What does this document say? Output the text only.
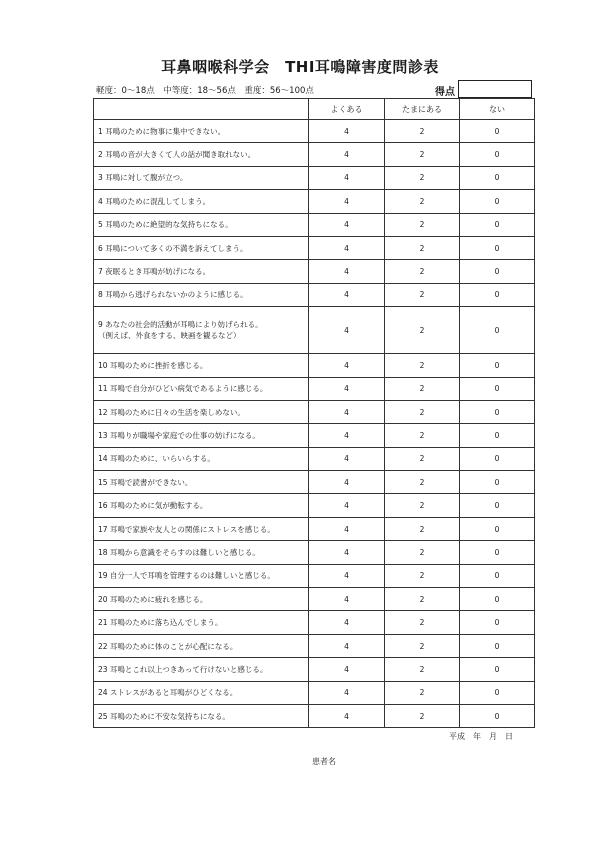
耳鼻咽喉科学会　THI耳鳴障害度問診表
軽度：0～18点　中等度：18～56点　重度：56～100点	得点
	よくある	たまにある	ない
1 耳鳴のために物事に集中できない。	4	2	0
2 耳鳴の音が大きくて人の話が聞き取れない。	4	2	0
3 耳鳴に対して腹が立つ。	4	2	0
4 耳鳴のために混乱してしまう。	4	2	0
5 耳鳴のために絶望的な気持ちになる。	4	2	0
6 耳鳴について多くの不満を訴えてしまう。	4	2	0
7 夜眠るとき耳鳴が妨げになる。	4	2	0
8 耳鳴から逃げられないかのように感じる。	4	2	0

9 あなたの社会的活動が耳鳴により妨げられる。
（例えば、外食をする、映画を観るなど）	4	2	0
10 耳鳴のために挫折を感じる。	4	2	0
11 耳鳴で自分がひどい病気であるように感じる。	4	2	0
12 耳鳴のために日々の生活を楽しめない。	4	2	0
13 耳鳴りが職場や家庭での仕事の妨げになる。	4	2	0
14 耳鳴のために、いらいらする。	4	2	0
15 耳鳴で読書ができない。	4	2	0
16 耳鳴のために気が動転する。	4	2	0
17 耳鳴で家族や友人との関係にストレスを感じる。	4	2	0
18 耳鳴から意識をそらすのは難しいと感じる。	4	2	0
19 自分一人で耳鳴を管理するのは難しいと感じる。	4	2	0
20 耳鳴のために疲れを感じる。	4	2	0
21 耳鳴のために落ち込んでしまう。	4	2	0
22 耳鳴のために体のことが心配になる。	4	2	0
23 耳鳴とこれ以上つきあって行けないと感じる。	4	2	0
24 ストレスがあると耳鳴がひどくなる。	4	2	0
25 耳鳴のために不安な気持ちになる。	4	2	0
平成　年　月　日
患者名
